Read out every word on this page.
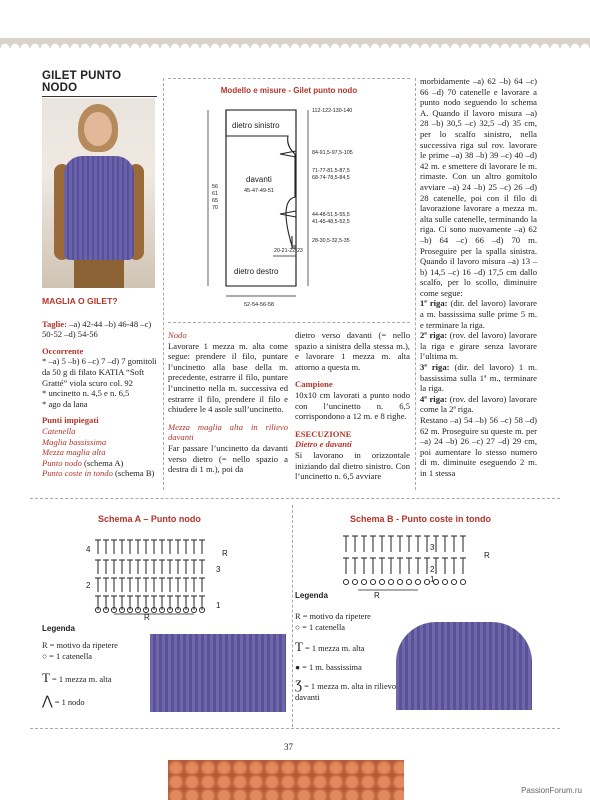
GILET PUNTO NODO

MAGLIA O GILET?

Taglie: –a) 42-44 –b) 46-48 –c) 50-52 –d) 54-56

Occorrente

* –a) 5 –b) 6 –c) 7 –d) 7 gomitoli da 50 g di filato KATIA “Soft Gratté” viola scuro col. 92

* uncinetto n. 4,5 e n. 6,5

* ago da lana

Punti impiegati

Catenella

Maglia bassissima

Mezza maglia alta

Punto nodo (schema A)

Punto coste in tondo (schema B)

Modello e misure - Gilet punto nodo
dietro sinistro
davanti
45-47-49-51
dietro destro
56
61
65
70
112-122-130-140
84-91,5-97,5-105
71-77-81,5-87,5
68-74-78,5-84,5
44-48-51,5-55,5
41-45-48,5-52,5
28-30,5-32,5-35
20-21-22-23
52-54-56-58

Nodo

Lavorare 1 mezza m. alta come segue: prendere il filo, puntare l’uncinetto alla base della m. precedente, estrarre il filo, puntare l’uncinetto nella m. successiva ed estrarre il filo, prendere il filo e chiudere le 4 asole sull’uncinetto.

Mezza maglia alta in rilievo davanti

Far passare l’uncinetto da davanti verso dietro (= nello spazio a destra di 1 m.), poi da

dietro verso davanti (= nello spazio a sinistra della stessa m.), e lavorare 1 mezza m. alta attorno a questa m.

Campione

10x10 cm lavorati a punto nodo con l’uncinetto n. 6,5 corrispondono a 12 m. e 8 righe.

ESECUZIONE

Dietro e davanti

Si lavorano in orizzontale iniziando dal dietro sinistro. Con l’uncinetto n. 6,5 avviare

morbidamente –a) 62 –b) 64 –c) 66 –d) 70 catenelle e lavorare a punto nodo seguendo lo schema A. Quando il lavoro misura –a) 28 –b) 30,5 –c) 32,5 –d) 35 cm, per lo scalfo sinistro, nella successiva riga sul rov. lavorare le prime –a) 38 –b) 39 –c) 40 –d) 42 m. e smettere di lavorare le m. rimaste. Con un altro gomitolo avviare –a) 24 –b) 25 –c) 26 –d) 28 catenelle, poi con il filo di lavorazione lavorare a mezza m. alta sulle catenelle, terminando la riga. Ci sono nuovamente –a) 62 –b) 64 –c) 66 –d) 70 m. Proseguire per la spalla sinistra. Quando il lavoro misura –a) 13 –b) 14,5 –c) 16 –d) 17,5 cm dallo scalfo, per lo scollo, diminuire come segue:

1ª riga: (dir. del lavoro) lavorare a m. bassissima sulle prime 5 m. e terminare la riga.

2ª riga: (rov. del lavoro) lavorare la riga e girare senza lavorare l’ultima m.

3ª riga: (dir. del lavoro) 1 m. bassissima sulla 1ª m., terminare la riga.

4ª riga: (rov. del lavoro) lavorare come la 2ª riga.

Restano –a) 54 –b) 56 –c) 58 –d) 62 m. Proseguire su queste m. per –a) 24 –b) 26 –c) 27 –d) 29 cm, poi aumentare lo stesso numero di m. diminuite eseguendo 2 m. in 1 stessa

Schema A – Punto nodo
4
3
2
1
R
R
Legenda
R = motivo da ripetere
○ = 1 catenella
T = 1 mezza m. alta
⋀ = 1 nodo
Schema B - Punto coste in tondo
3
2
1
R
R
Legenda
R = motivo da ripetere
○ = 1 catenella
T = 1 mezza m. alta
● = 1 m. bassissima
Ʒ = 1 mezza m. alta in rilievo davanti
37
PassionForum.ru
